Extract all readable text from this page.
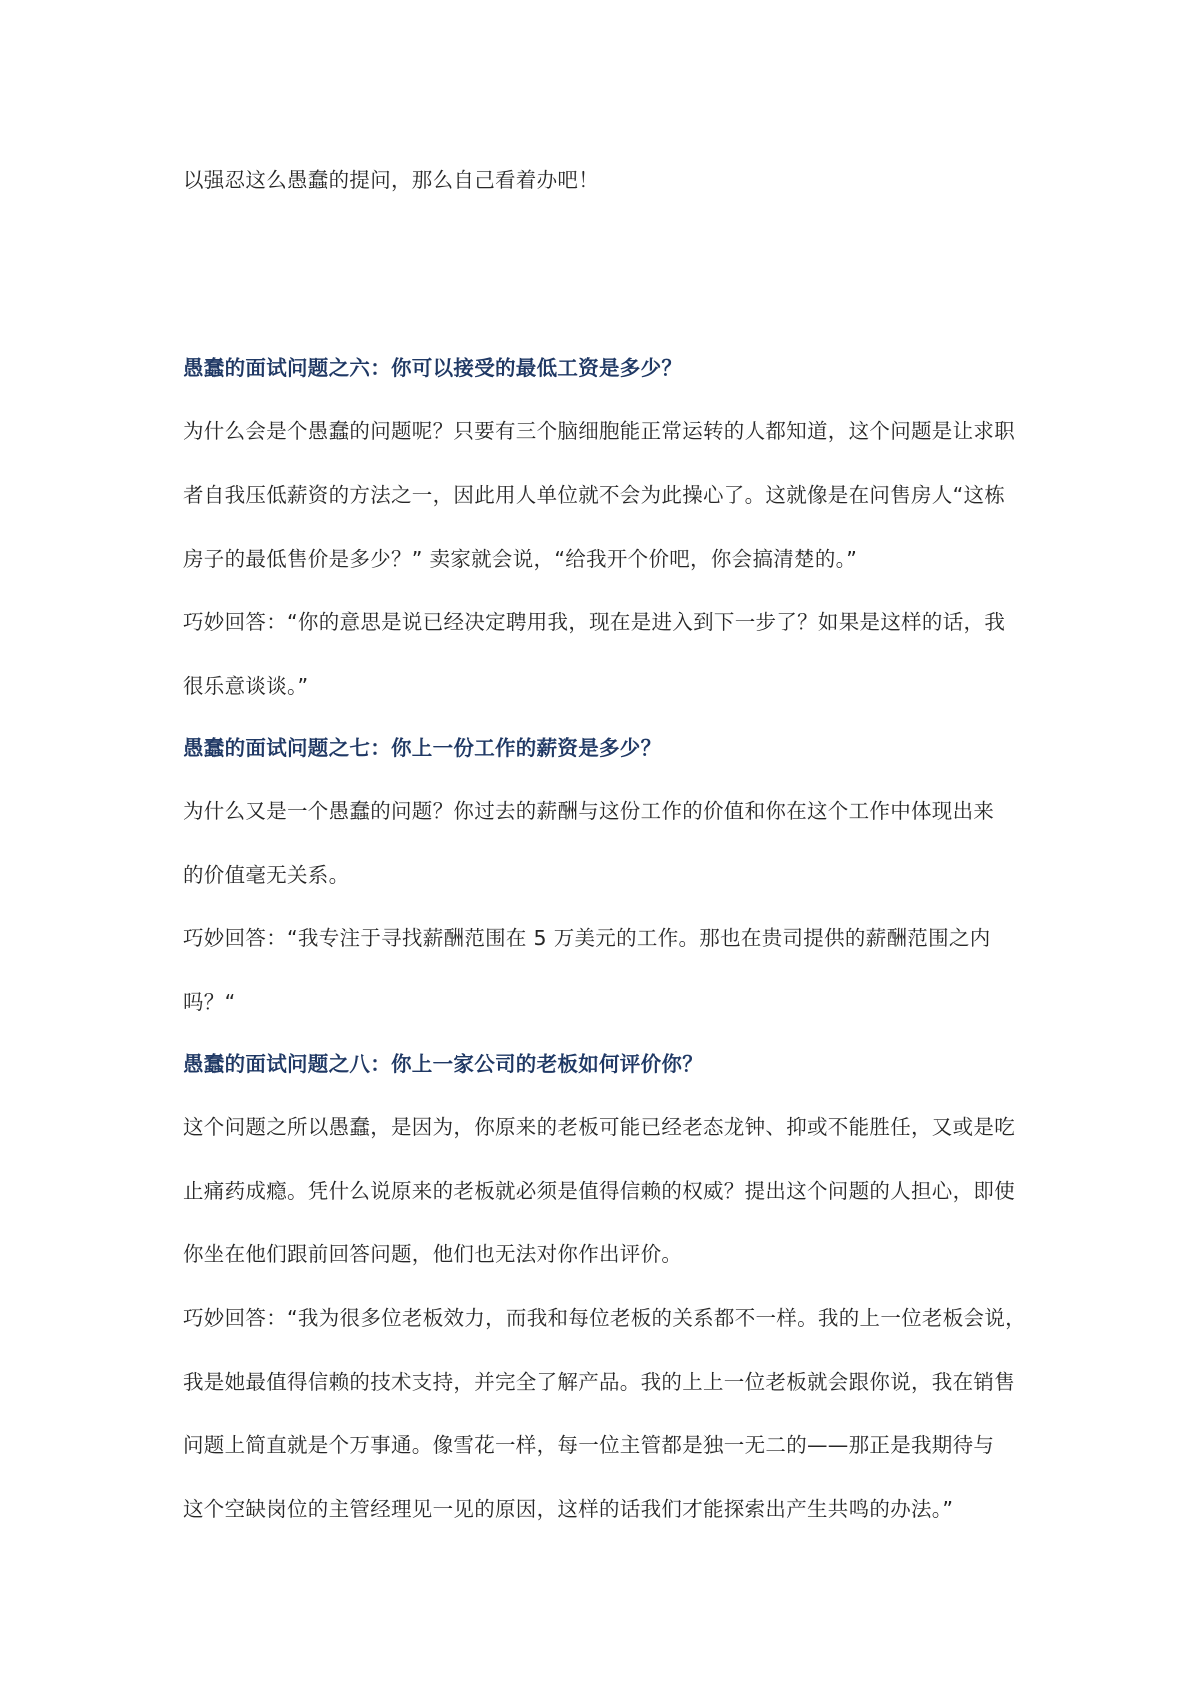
以强忍这么愚蠢的提问，那么自己看着办吧！
愚蠢的面试问题之六：你可以接受的最低工资是多少？
为什么会是个愚蠢的问题呢？只要有三个脑细胞能正常运转的人都知道，这个问题是让求职
者自我压低薪资的方法之一，因此用人单位就不会为此操心了。这就像是在问售房人“这栋
房子的最低售价是多少？” 卖家就会说，“给我开个价吧，你会搞清楚的。”
巧妙回答：“你的意思是说已经决定聘用我，现在是进入到下一步了？如果是这样的话，我
很乐意谈谈。”
愚蠢的面试问题之七：你上一份工作的薪资是多少？
为什么又是一个愚蠢的问题？你过去的薪酬与这份工作的价值和你在这个工作中体现出来
的价值毫无关系。
巧妙回答：“我专注于寻找薪酬范围在 5 万美元的工作。那也在贵司提供的薪酬范围之内
吗？“
愚蠢的面试问题之八：你上一家公司的老板如何评价你？
这个问题之所以愚蠢，是因为，你原来的老板可能已经老态龙钟、抑或不能胜任，又或是吃
止痛药成瘾。凭什么说原来的老板就必须是值得信赖的权威？提出这个问题的人担心，即使
你坐在他们跟前回答问题，他们也无法对你作出评价。
巧妙回答：“我为很多位老板效力，而我和每位老板的关系都不一样。我的上一位老板会说，
我是她最值得信赖的技术支持，并完全了解产品。我的上上一位老板就会跟你说，我在销售
问题上简直就是个万事通。像雪花一样，每一位主管都是独一无二的——那正是我期待与
这个空缺岗位的主管经理见一见的原因，这样的话我们才能探索出产生共鸣的办法。”
